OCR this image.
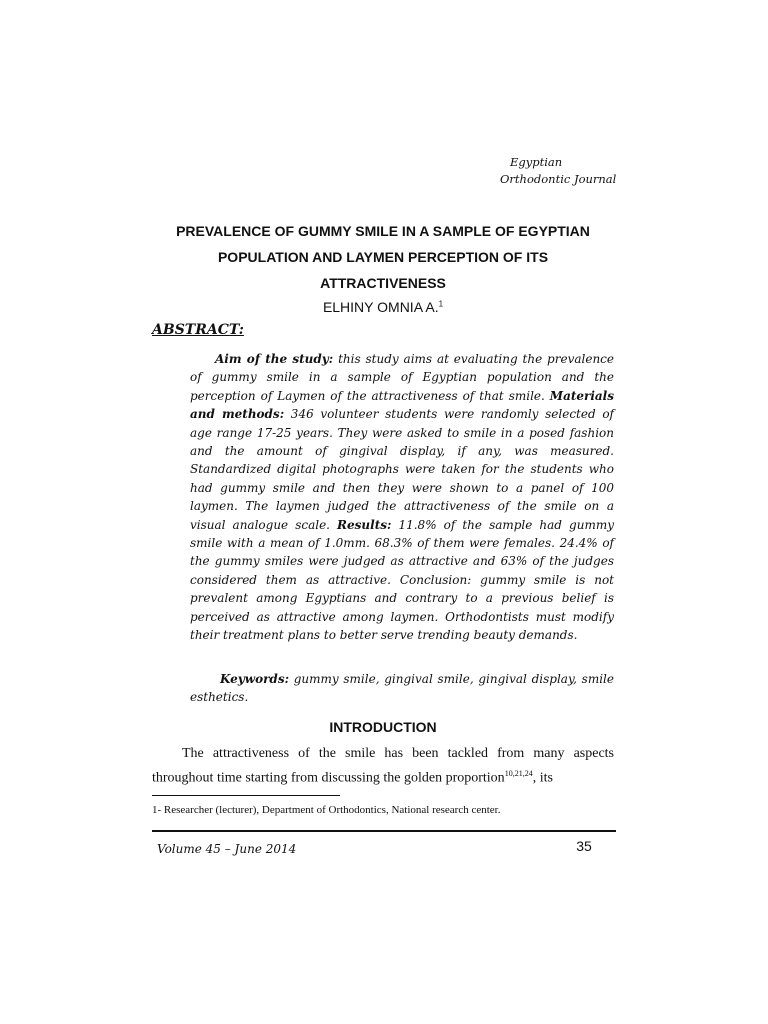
Egyptian
Orthodontic Journal
PREVALENCE OF GUMMY SMILE IN A SAMPLE OF EGYPTIAN
POPULATION AND LAYMEN PERCEPTION OF ITS
ATTRACTIVENESS
ELHINY OMNIA A.$^1$
ABSTRACT:
Aim of the study: this study aims at evaluating the prevalence of gummy smile in a sample of Egyptian population and the perception of Laymen of the attractiveness of that smile. Materials and methods: 346 volunteer students were randomly selected of age range 17-25 years. They were asked to smile in a posed fashion and the amount of gingival display, if any, was measured. Standardized digital photographs were taken for the students who had gummy smile and then they were shown to a panel of 100 laymen. The laymen judged the attractiveness of the smile on a visual analogue scale. Results: 11.8% of the sample had gummy smile with a mean of 1.0mm. 68.3% of them were females. 24.4% of the gummy smiles were judged as attractive and 63% of the judges considered them as attractive. Conclusion: gummy smile is not prevalent among Egyptians and contrary to a previous belief is perceived as attractive among laymen. Orthodontists must modify their treatment plans to better serve trending beauty demands.
Keywords: gummy smile, gingival smile, gingival display, smile esthetics.
INTRODUCTION
The attractiveness of the smile has been tackled from many aspects throughout time starting from discussing the golden proportion$^{10,21,24}$, its
1- Researcher (lecturer), Department of Orthodontics, National research center.
Volume 45 – June 2014	35
